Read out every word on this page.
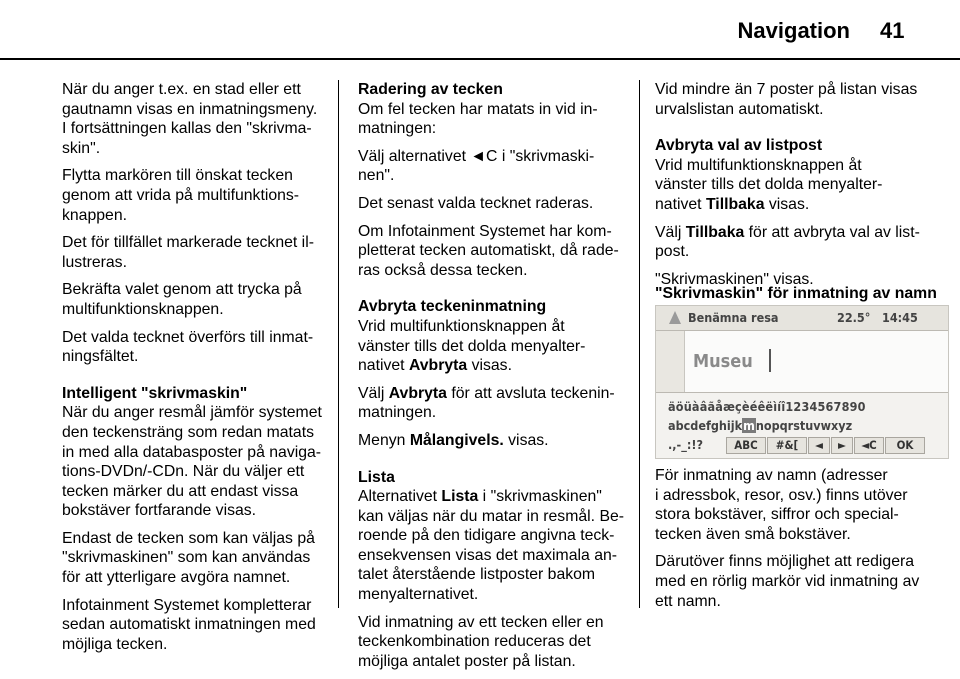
Navigation 41

När du anger t.ex. en stad eller ett
gautnamn visas en inmatningsmeny.
I fortsättningen kallas den "skrivma-
skin".

Flytta markören till önskat tecken
genom att vrida på multifunktions-
knappen.

Det för tillfället markerade tecknet il-
lustreras.

Bekräfta valet genom att trycka på
multifunktionsknappen.

Det valda tecknet överförs till inmat-
ningsfältet.

Intelligent "skrivmaskin"

När du anger resmål jämför systemet
den teckensträng som redan matats
in med alla databasposter på naviga-
tions-DVDn/-CDn. När du väljer ett
tecken märker du att endast vissa
bokstäver fortfarande visas.

Endast de tecken som kan väljas på
"skrivmaskinen" som kan användas
för att ytterligare avgöra namnet.

Infotainment Systemet kompletterar
sedan automatiskt inmatningen med
möjliga tecken.

Radering av tecken

Om fel tecken har matats in vid in-
matningen:

Välj alternativet ◄C i "skrivmaski-
nen".

Det senast valda tecknet raderas.

Om Infotainment Systemet har kom-
pletterat tecken automatiskt, då rade-
ras också dessa tecken.

Avbryta teckeninmatning

Vrid multifunktionsknappen åt
vänster tills det dolda menyalter-
nativet Avbryta visas.

Välj Avbryta för att avsluta teckenin-
matningen.

Menyn Målangivels. visas.

Lista

Alternativet Lista i "skrivmaskinen"
kan väljas när du matar in resmål. Be-
roende på den tidigare angivna teck-
ensekvensen visas det maximala an-
talet återstående listposter bakom
menyalternativet.

Vid inmatning av ett tecken eller en
teckenkombination reduceras det
möjliga antalet poster på listan.

Vid mindre än 7 poster på listan visas
urvalslistan automatiskt.

Avbryta val av listpost

Vrid multifunktionsknappen åt
vänster tills det dolda menyalter-
nativet Tillbaka visas.

Välj Tillbaka för att avbryta val av list-
post.

"Skrivmaskinen" visas.

"Skrivmaskin" för inmatning av namn
Benämna resa	22.5° 14:45
Museu
äöüàâãåæçèéêëìíî1234567890
abcdefghijkmnopqrstuvwxyz
.,-_:!?	ABC	#&[	◄	►	◄C	OK

För inmatning av namn (adresser
i adressbok, resor, osv.) finns utöver
stora bokstäver, siffror och special-
tecken även små bokstäver.

Därutöver finns möjlighet att redigera
med en rörlig markör vid inmatning av
ett namn.
